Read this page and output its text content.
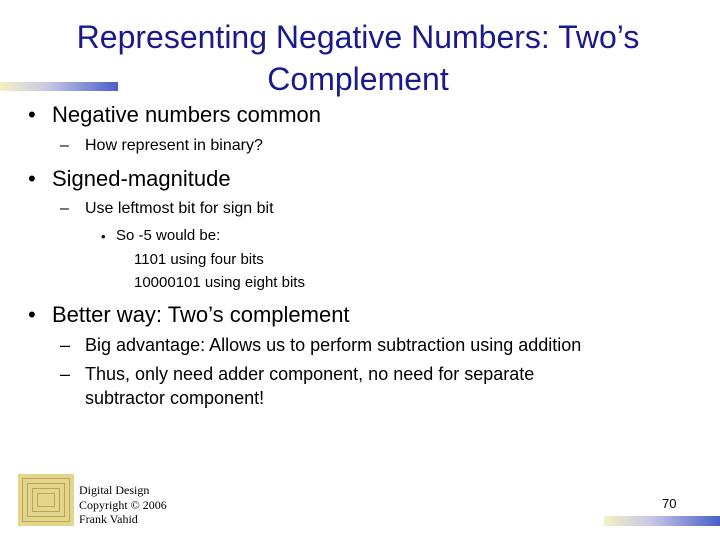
Representing Negative Numbers: Two’s
Complement
• Negative numbers common
– How represent in binary?
• Signed-magnitude
– Use leftmost bit for sign bit
• So -5 would be:
1101 using four bits
10000101 using eight bits
• Better way: Two’s complement
– Big advantage: Allows us to perform subtraction using addition
– Thus, only need adder component, no need for separate
subtractor component!
Digital Design
Copyright © 2006
Frank Vahid
70
